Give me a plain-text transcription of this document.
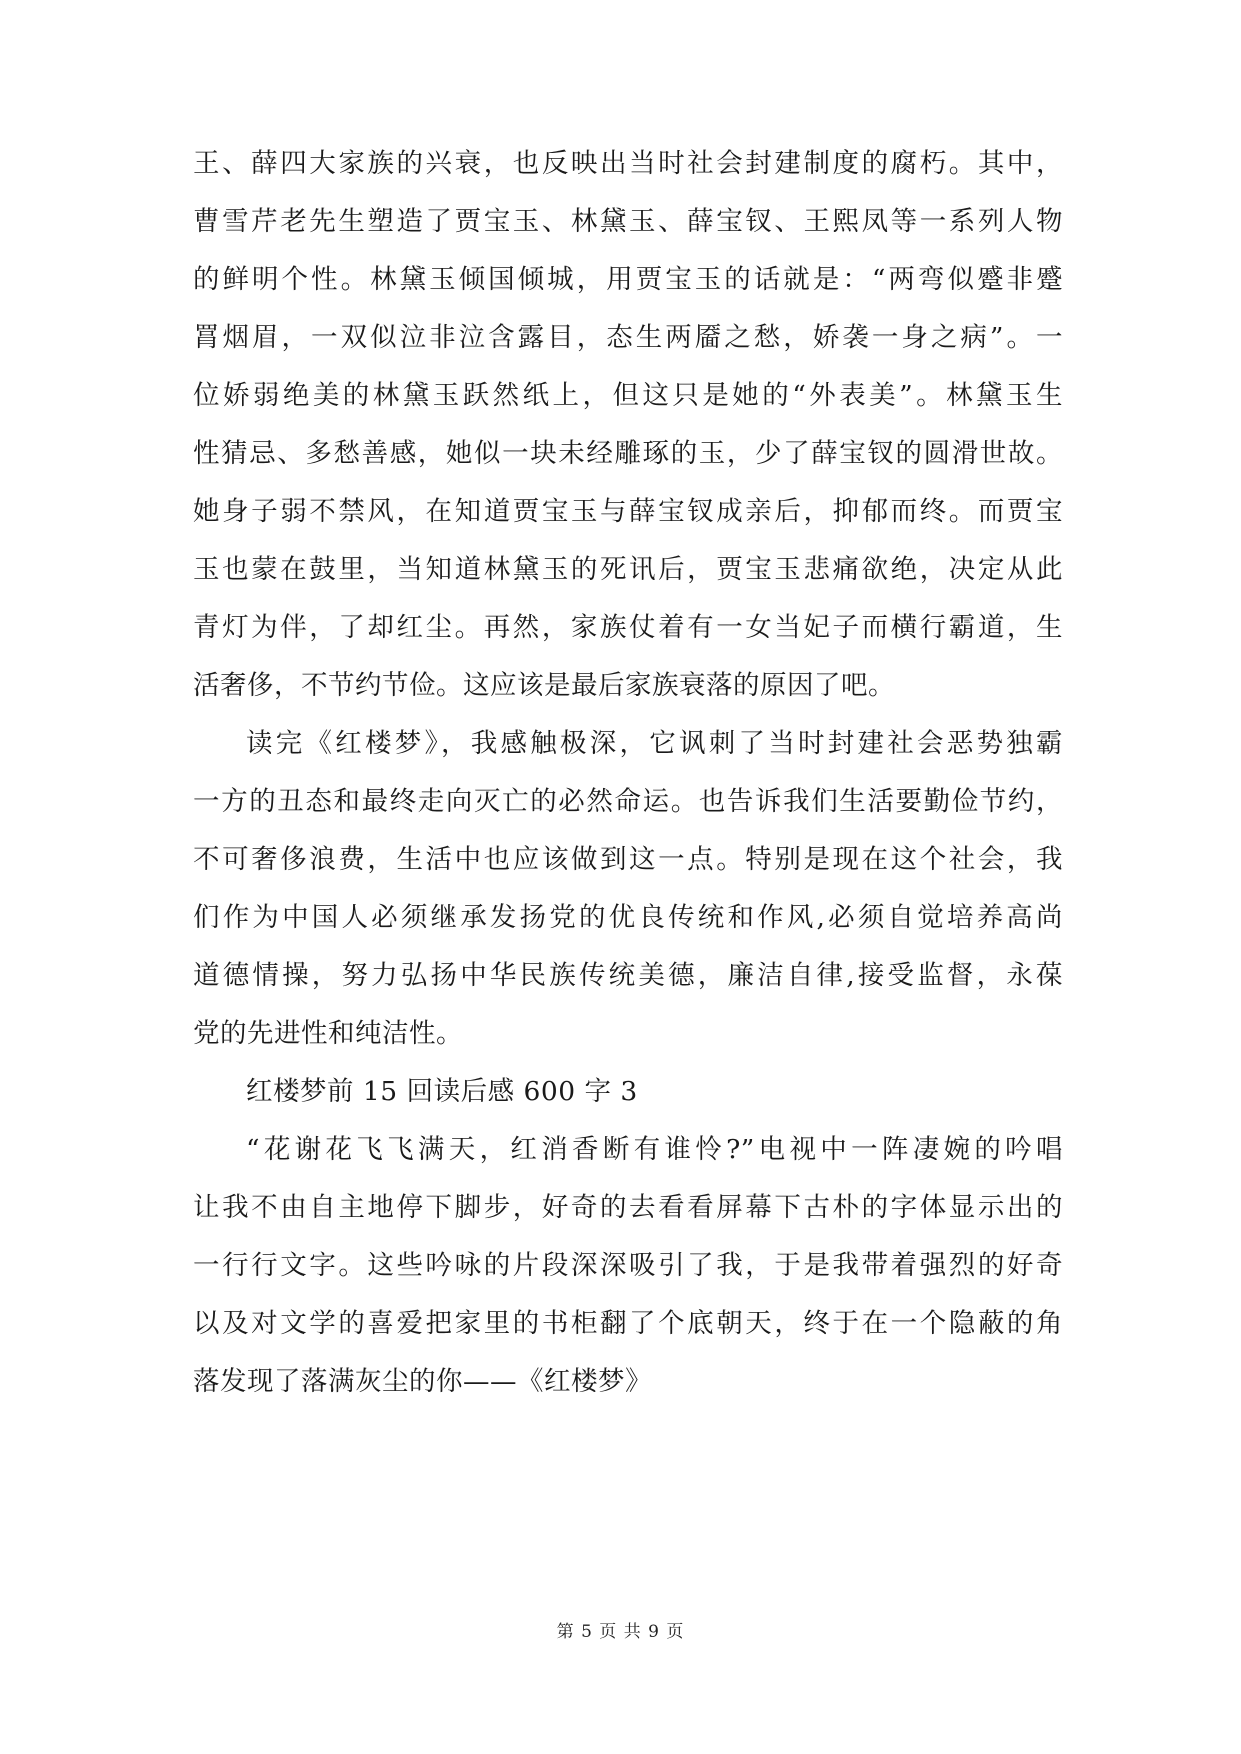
王、薛四大家族的兴衰，也反映出当时社会封建制度的腐朽。其中，

曹雪芹老先生塑造了贾宝玉、林黛玉、薛宝钗、王熙凤等一系列人物

的鲜明个性。林黛玉倾国倾城，用贾宝玉的话就是：“两弯似蹙非蹙

罥烟眉，一双似泣非泣含露目，态生两靥之愁，娇袭一身之病”。一

位娇弱绝美的林黛玉跃然纸上，但这只是她的“外表美”。林黛玉生

性猜忌、多愁善感，她似一块未经雕琢的玉，少了薛宝钗的圆滑世故。

她身子弱不禁风，在知道贾宝玉与薛宝钗成亲后，抑郁而终。而贾宝

玉也蒙在鼓里，当知道林黛玉的死讯后，贾宝玉悲痛欲绝，决定从此

青灯为伴，了却红尘。再然，家族仗着有一女当妃子而横行霸道，生

活奢侈，不节约节俭。这应该是最后家族衰落的原因了吧。

读完《红楼梦》，我感触极深，它讽刺了当时封建社会恶势独霸

一方的丑态和最终走向灭亡的必然命运。也告诉我们生活要勤俭节约，

不可奢侈浪费，生活中也应该做到这一点。特别是现在这个社会，我

们作为中国人必须继承发扬党的优良传统和作风,必须自觉培养高尚

道德情操，努力弘扬中华民族传统美德，廉洁自律,接受监督，永葆

党的先进性和纯洁性。

红楼梦前 15 回读后感 600 字 3

“花谢花飞飞满天，红消香断有谁怜?”电视中一阵凄婉的吟唱

让我不由自主地停下脚步，好奇的去看看屏幕下古朴的字体显示出的

一行行文字。这些吟咏的片段深深吸引了我，于是我带着强烈的好奇

以及对文学的喜爱把家里的书柜翻了个底朝天，终于在一个隐蔽的角

落发现了落满灰尘的你——《红楼梦》

第 5 页 共 9 页
